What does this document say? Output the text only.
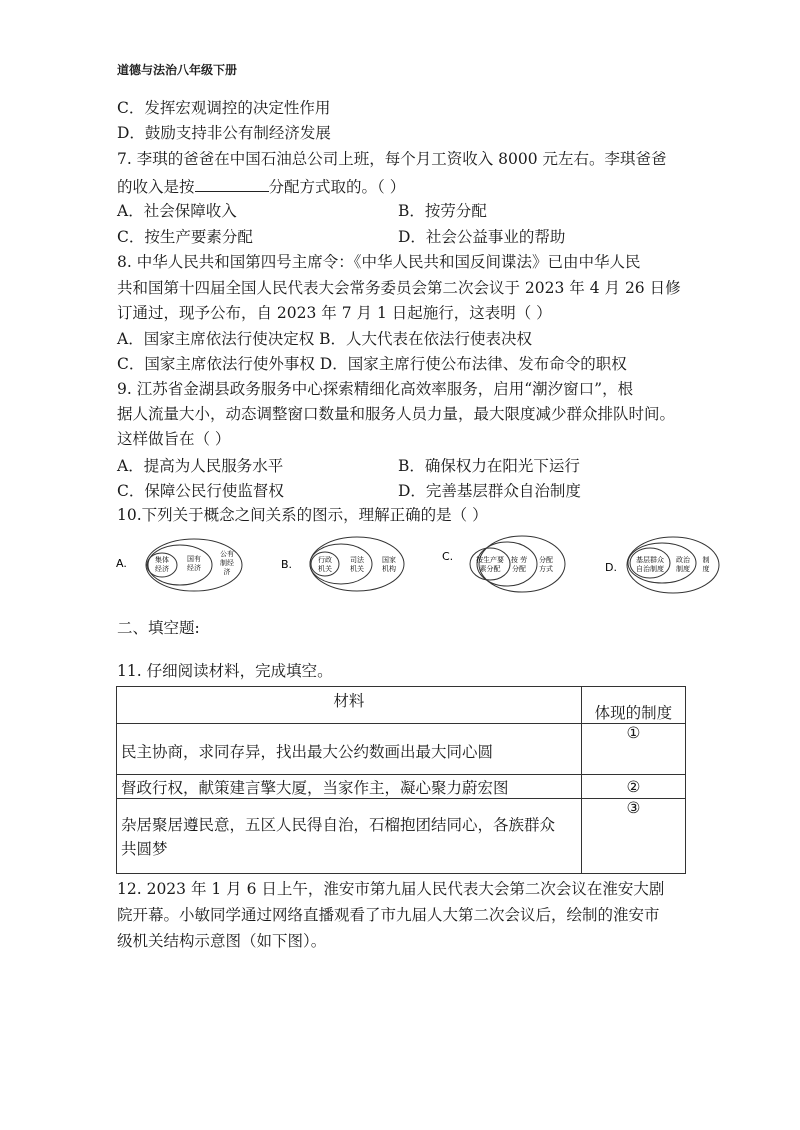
道德与法治八年级下册
C．发挥宏观调控的决定性作用
D．鼓励支持非公有制经济发展
7. 李琪的爸爸在中国石油总公司上班，每个月工资收入 8000 元左右。李琪爸爸
的收入是按	分配方式取的。（ ）
A．社会保障收入	B．按劳分配
C．按生产要素分配	D．社会公益事业的帮助
8. 中华人民共和国第四号主席令：《中华人民共和国反间谍法》已由中华人民
共和国第十四届全国人民代表大会常务委员会第二次会议于 2023 年 4 月 26 日修
订通过，现予公布，自 2023 年 7 月 1 日起施行，这表明（ ）
A．国家主席依法行使决定权 B．人大代表在依法行使表决权
C．国家主席依法行使外事权 D．国家主席行使公布法律、发布命令的职权
9. 江苏省金湖县政务服务中心探索精细化高效率服务，启用“潮汐窗口”，根
据人流量大小，动态调整窗口数量和服务人员力量，最大限度减少群众排队时间。
这样做旨在（ ）
A．提高为人民服务水平	B．确保权力在阳光下运行
C．保障公民行使监督权	D．完善基层群众自治制度
10.下列关于概念之间关系的图示，理解正确的是（ ）
A.	集体
经济
国有
经济
公有
制经
济
B.	行政
机关
司法
机关
国家
机构
C.	按生产要
素分配
按 劳
分配
分配
方式	D.
基层群众
自治制度
政治
制度
制
度
二、填空题:
11. 仔细阅读材料，完成填空。
材料	体现的制度
民主协商，求同存异，找出最大公约数画出最大同心圆	①
督政行权，献策建言擎大厦，当家作主，凝心聚力蔚宏图	②

杂居聚居遵民意，五区人民得自治，石榴抱团结同心，各族群众
共圆梦	③
12. 2023 年 1 月 6 日上午，淮安市第九届人民代表大会第二次会议在淮安大剧
院开幕。小敏同学通过网络直播观看了市九届人大第二次会议后，绘制的淮安市
级机关结构示意图（如下图）。
